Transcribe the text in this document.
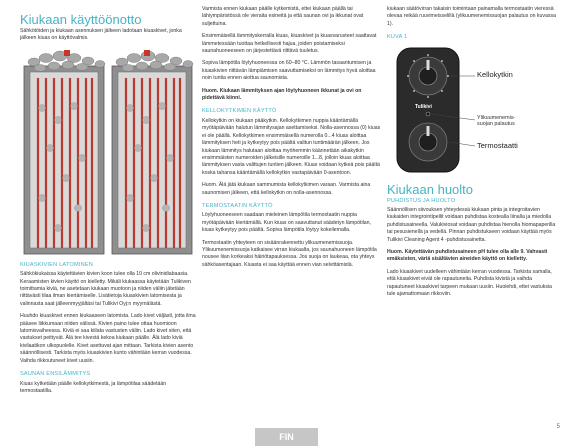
Kiukaan käyttöönotto

Sähkötöiden ja kiukaan asennuksen jälkeen ladotaan kiuaskivet, jonka jälkeen kiuas on käyttövalmis.

KIUASKIVIEN LATOMINEN

Sähkökiukaissa käytettävien kivien koon tulee olla 10 cm olivinidiabaasia. Keraamisten kivien käyttö on kielletty. Mikäli kiukaassa käytetään Tulikiven toimittamia kiviä, ne asetetaan kiukaan muotoon ja niiden väliin jätetään riittävästi tilaa ilman kiertämiselle. Lisätietoja kiuaskivien latomisesta ja valinnasta saat jälleenmyyjältäsi tai Tulikivi Oyj:n myymälästä.

Huuhdo kiuaskivet ennen kiukaaseen latomista. Lado kivet väljästi, jotta ilma pääsee liikkumaan niiden välissä. Kivien paino tulee ottaa huomioon latomisvaiheessa. Kiviä ei saa kiilata vastusten väliin. Lado kivet siten, että vastukset peittyvät. Älä tee kivestä kekoa kiukaan päälle. Älä lado kiviä kivilaatikon ulkopuolelle. Kivet asettuvat ajan mittaan. Tarkista kivien asento säännöllisesti. Tarkista myös kiuaskivien kunto vähintään kerran vuodessa. Vaihda rikkoutuneet kivet uusiin.

SAUNAN ENSILÄMMITYS

Kiuas kytketään päälle kellokytkimestä, ja lämpötilaa säädetään termostaatilla.

Varmista ennen kiukaan päälle kytkemistä, ettei kiukaan päällä tai lähiympäristössä ole vieraita esineitä ja että saunan ovi ja ikkunat ovat suljettuina.

Ensimmäisellä lämmityskerralla kiuas, kiuaskivet ja kiuasvarusteet saattavat lämmetessään tuottaa hetkellisesti hajua, joiden poistamiseksi saunahuoneeseen on järjestettävä riittävä tuuletus.

Sopiva lämpötila löylyhuoneessa on 60–80 °C. Lämmön tasaantumisen ja kiuaskivien riittävän lämpiämisen saavuttamiseksi on lämmitys hyvä aloittaa noin tuntia ennen aiottua saunomista.

Huom. Kiukaan lämmityksen ajan löylyhuoneen ikkunat ja ovi on pidettävä kiinni.

KELLOKYTKIMEN KÄYTTÖ

Kellokytkin on kiukaan pääkytkin. Kellokytkimen nuppia kääntämällä myötäpäivään halutun lämmitysajan asettamiseksi. Nolla-asennossa (0) kiuas ei ole päällä. Kellokytkimen ensimmäisellä numerolla 0...4 kiuas aloittaa lämmityksen heti ja kytkeytyy pois päältä valitun tuntimäärän jälkeen. Jos kiukaan lämmitys halutaan aloittaa myöhemmin käännetään aikakytkin ensimmäisten numeroiden jälkeisille numeroille 1...8, jolloin kiuas aloittaa lämmityksen vasta valittujen tuntien jälkeen. Kiuas voidaan kytkeä pois päältä koska tahansa kääntämällä kellokytkin vastapäivään 0-asentoon.

Huom. Älä jätä kiukaan sammumista kellokytkimen varaan. Varmista aina saunomisen jälkeen, että kellokytkin on nolla-asennossa.

TERMOSTAATIN KÄYTTÖ

Löylyhuoneeseen saadaan mieleinen lämpötila termostaatin nuppia myötäpäivään kiertämällä. Kun kiuas on saavuttanut säädetyn lämpötilan, kiuas kytkeytyy pois päältä. Sopiva lämpötila löytyy kokeilemalla.

Termostaatin yhteyteen on sisäänrakennettu ylikuumenemissuoja. Ylikuumenemissuoja katkaisee virran kiukaalta, jos saunahuoneen lämpötila nousee liian korkeaksi häiriötapauksessa. Jos suoja on laukeaa, ota yhteys sähköasentajaan. Kiuasta ei saa käyttää ennen vian selvittämistä.

kiukaan säätövirran takaisin toimintaan painamalla termostaatin vieressä olevaa reikää ruuvimeisselillä (ylikuumenemissuojan palautus on kuvassa 1).

KUVA 1
Tulikivi
Kellokytkin
Ylikuumenemis-
suojan palautus
Termostaatti
Kiukaan huolto
PUHDISTUS JA HUOLTO

Säännöllisen siivouksen yhteydessä kiukaan pinta ja integroitavien kiukaiden integrointipellit voidaan puhdistaa kostealla liinalla ja miedolla puhdistusaineella. Valukiviosat voidaan puhdistaa hienolla hiomapaperilla tai pesusienellä ja vedellä. Pinnan puhdistukseen voidaan käyttää myös Tulikivi Cleaning Agent 4 -puhdistusainetta.

Huom. Käytettävän puhdistusaineen pH tulee olla alle 9. Vahvasti emäksisten, väriä sisältävien aineiden käyttö on kielletty.

Lado kiuaskivet uudelleen vähintään kerran vuodessa. Tarkista samalla, että kiuaskivet eivät ole rapautuneita. Puhdista kivistä ja vaihda rapautuneet kiuaskivet tarpeen mukaan uusiin. Huolehdi, ettei vastuksia tule ajamattomaan rikkoviin.

FIN
5
